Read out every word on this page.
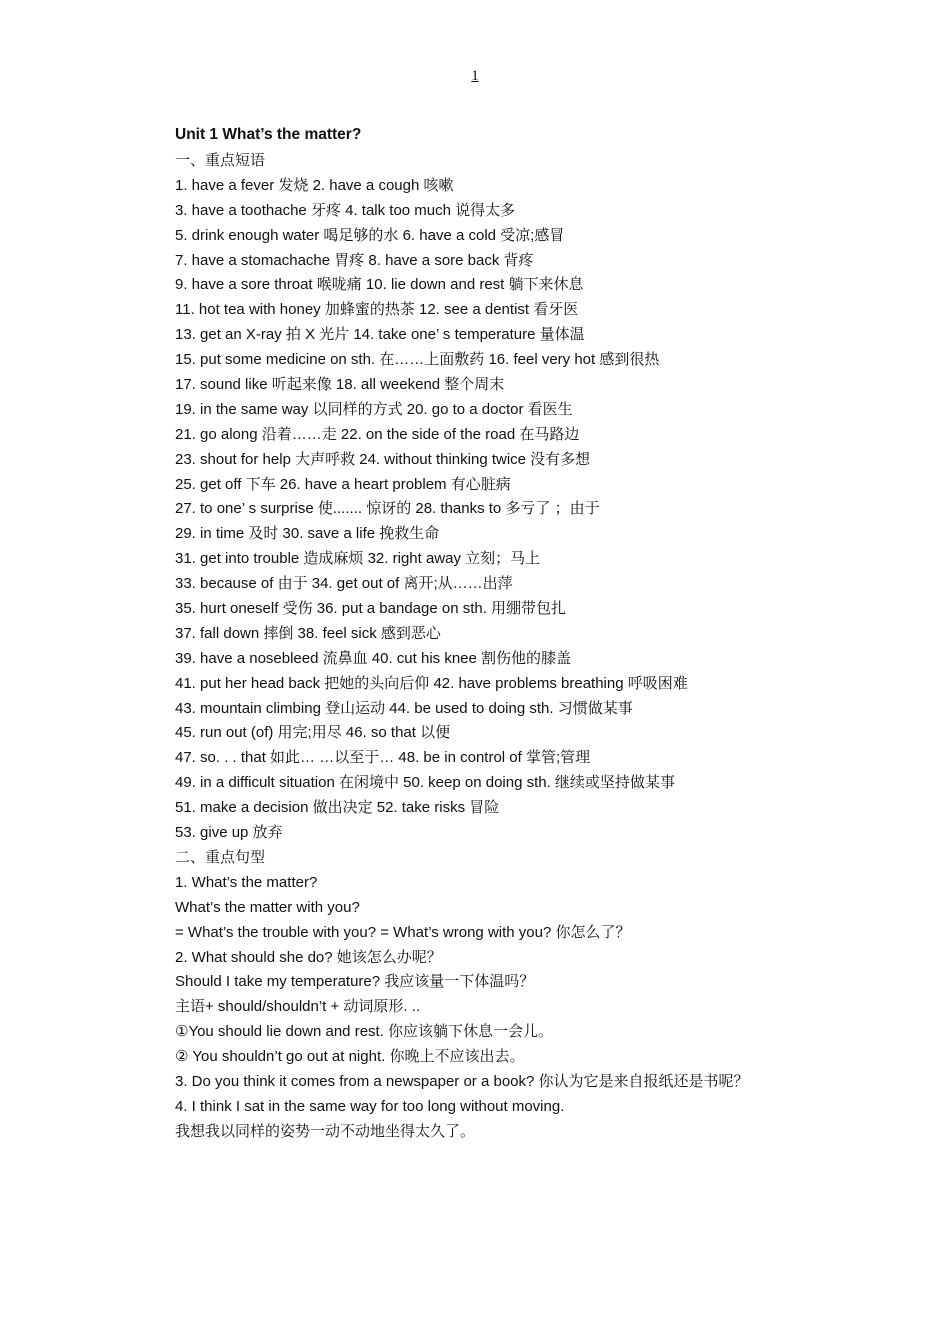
1
Unit 1 What’s the matter?
一、重点短语
1. have a fever 发烧 2. have a cough 咳嗽
3. have a toothache 牙疼 4. talk too much 说得太多
5. drink enough water 喝足够的水 6. have a cold 受凉;感冒
7. have a stomachache 胃疼 8. have a sore back 背疼
9. have a sore throat 喉咙痛 10. lie down and rest 躺下来休息
11. hot tea with honey 加蜂蜜的热茶 12. see a dentist 看牙医
13. get an X-ray 拍 X 光片 14. take one’ s temperature 量体温
15. put some medicine on sth. 在……上面敷药 16. feel very hot 感到很热
17. sound like 听起来像 18. all weekend 整个周末
19. in the same way 以同样的方式 20. go to a doctor 看医生
21. go along 沿着……走 22. on the side of the road 在马路边
23. shout for help 大声呼救 24. without thinking twice 没有多想
25. get off 下车 26. have a heart problem 有心脏病
27. to one’ s surprise 使....... 惊讶的 28. thanks to 多亏了 ；由于
29. in time 及时 30. save a life 挽救生命
31. get into trouble 造成麻烦 32. right away 立刻；马上
33. because of 由于 34. get out of 离开;从……出萍
35. hurt oneself 受伤 36. put a bandage on sth. 用绷带包扎
37. fall down 摔倒 38. feel sick 感到恶心
39. have a nosebleed 流鼻血 40. cut his knee 割伤他的膝盖
41. put her head back 把她的头向后仰 42. have problems breathing 呼吸困难
43. mountain climbing 登山运动 44. be used to doing sth. 习惯做某事
45. run out (of) 用完;用尽 46. so that 以便
47. so. . . that 如此… …以至于… 48. be in control of 掌管;管理
49. in a difficult situation 在闲境中 50. keep on doing sth. 继续或坚持做某事
51. make a decision 做出决定 52. take risks 冒险
53. give up 放弃
二、重点句型
1. What’s the matter?
What’s the matter with you?
= What’s the trouble with you? = What’s wrong with you? 你怎么了？
2. What should she do? 她该怎么办呢？
Should I take my temperature? 我应该量一下体温吗？
主语+ should/shouldn’t + 动词原形. ..
①You should lie down and rest. 你应该躺下休息一会儿。
② You shouldn’t go out at night. 你晚上不应该出去。
3. Do you think it comes from a newspaper or a book? 你认为它是来自报纸还是书呢？
4. I think I sat in the same way for too long without moving.
我想我以同样的姿势一动不动地坐得太久了。
